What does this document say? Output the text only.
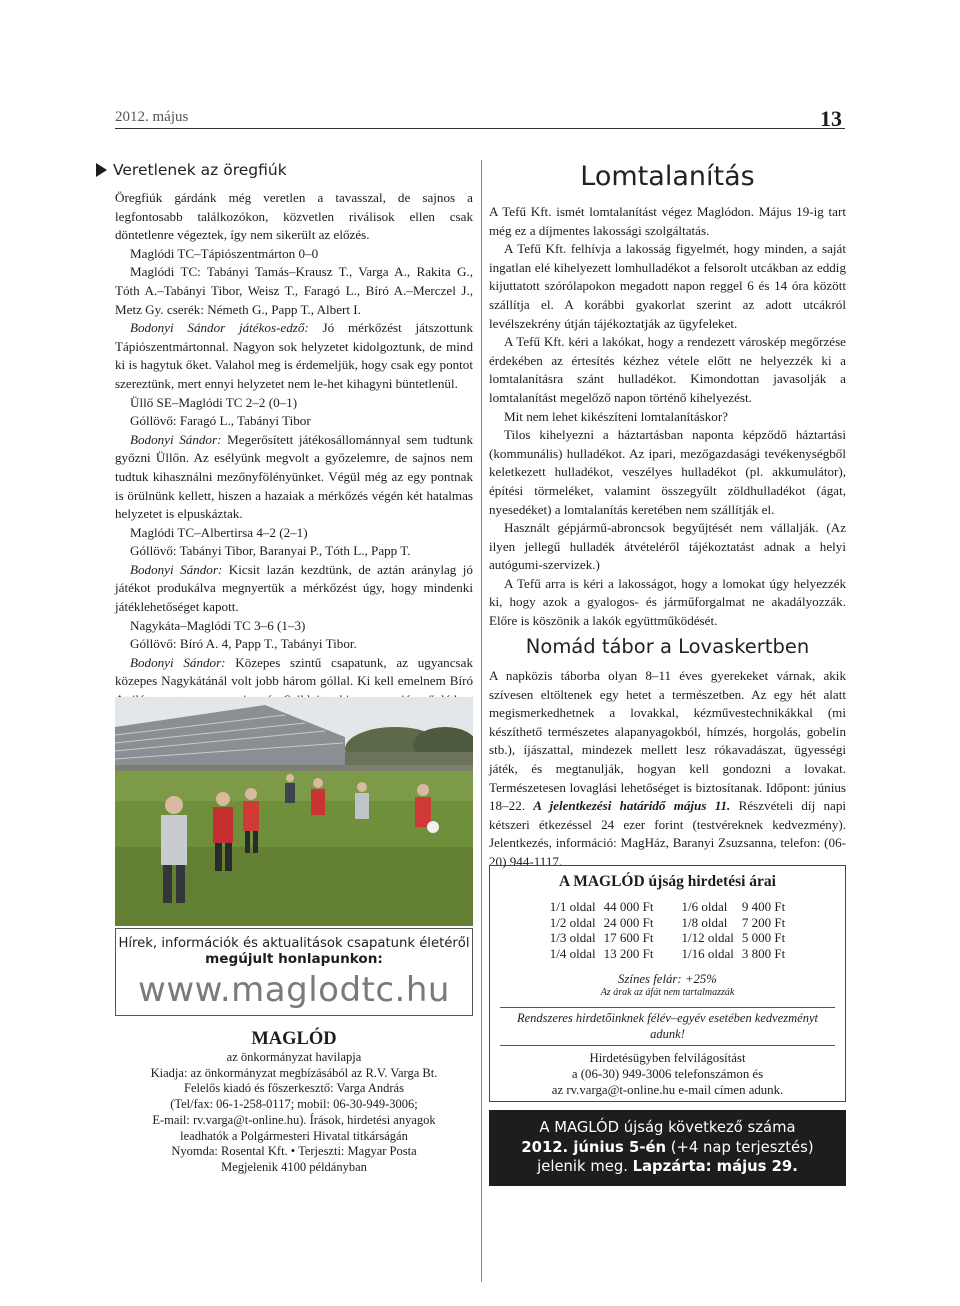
2012. május	13
Veretlenek az öregfiúk

Öregfiúk gárdánk még veretlen a tavasszal, de sajnos a legfontosabb találkozókon, közvetlen riválisok ellen csak döntetlenre végeztek, így nem sikerült az előzés.

Maglódi TC–Tápiószentmárton 0–0

Maglódi TC: Tabányi Tamás–Krausz T., Varga A., Rakita G., Tóth A.–Tabányi Tibor, Weisz T., Faragó L., Bíró A.–Merczel J., Metz Gy. cserék: Németh G., Papp T., Albert I.

Bodonyi Sándor játékos-edző: Jó mérkőzést játszottunk Tápiószentmártonnal. Nagyon sok helyzetet kidolgoztunk, de mind ki is hagytuk őket. Valahol meg is érdemeljük, hogy csak egy pontot szereztünk, mert ennyi helyzetet nem le-het kihagyni büntetlenül.

Üllő SE–Maglódi TC 2–2 (0–1)

Góllövő: Faragó L., Tabányi Tibor

Bodonyi Sándor: Megerősített játékosállománnyal sem tudtunk győzni Üllőn. Az esélyünk megvolt a győzelemre, de sajnos nem tudtuk kihasználni mezőnyfölényünket. Végül még az egy pontnak is örülnünk kellett, hiszen a hazaiak a mérkőzés végén két hatalmas helyzetet is elpuskáztak.

Maglódi TC–Albertirsa 4–2 (2–1)

Góllövő: Tabányi Tibor, Baranyai P., Tóth L., Papp T.

Bodonyi Sándor: Kicsit lazán kezdtünk, de aztán aránylag jó játékot produkálva megnyertük a mérkőzést úgy, hogy mindenki játéklehetőséget kapott.

Nagykáta–Maglódi TC 3–6 (1–3)

Góllövő: Bíró A. 4, Papp T., Tabányi Tibor.

Bodonyi Sándor: Közepes szintű csapatunk, az ugyancsak közepes Nagykátánál volt jobb három góllal. Ki kell emelnem Bíró

Hírek, információk és aktualitások csapatunk életéről
megújult honlapunkon:
www.maglodtc.hu
MAGLÓD
az önkormányzat havilapja
Kiadja: az önkormányzat megbízásából az R.V. Varga Bt.
Felelős kiadó és főszerkesztő: Varga András
(Tel/fax: 06-1-258-0117; mobil: 06-30-949-3006;
E-mail: rv.varga@t-online.hu). Írások, hirdetési anyagok
leadhatók a Polgármesteri Hivatal titkárságán
Nyomda: Rosental Kft. • Terjeszti: Magyar Posta
Megjelenik 4100 példányban
Lomtalanítás

A Tefű Kft. ismét lomtalanítást végez Maglódon. Május 19-ig tart még ez a díjmentes lakossági szolgáltatás.

A Tefű Kft. felhívja a lakosság figyelmét, hogy minden, a saját ingatlan elé kihelyezett lomhulladékot a felsorolt utcákban az eddig kijuttatott szórólapokon megadott napon reggel 6 és 14 óra között szállítja el. A korábbi gyakorlat szerint az adott utcákról levélszekrény útján tájékoztatják az ügyfeleket.

A Tefű Kft. kéri a lakókat, hogy a rendezett városkép megőrzése érdekében az értesítés kézhez vétele előtt ne helyezzék ki a lomtalanításra szánt hulladékot. Kimondottan javasolják a lomtalanítást megelőző napon történő kihelyezést.

Mit nem lehet kikészíteni lomtalanításkor?

Tilos kihelyezni a háztartásban naponta képződő háztartási (kommunális) hulladékot. Az ipari, mezőgazdasági tevékenységből keletkezett hulladékot, veszélyes hulladékot (pl. akkumulátor), építési törmeléket, valamint összegyűlt zöldhulladékot (ágat, nyesedéket) a lomtalanítás keretében nem szállítják el.

Használt gépjármű-abroncsok begyűjtését nem vállalják. (Az ilyen jellegű hulladék átvételéről tájékoztatást adnak a helyi autógumi-szervizek.)

A Tefű arra is kéri a lakosságot, hogy a lomokat úgy helyezzék ki, hogy azok a gyalogos- és járműforgalmat ne akadályozzák. Előre is köszönik a lakók együttműködését.

Nomád tábor a Lovaskertben

A napközis táborba olyan 8–11 éves gyerekeket várnak, akik szívesen eltöltenek egy hetet a természetben. Az egy hét alatt megismerkedhetnek a lovakkal, kézművestechnikákkal (mi készíthető természetes alapanyagokból, hímzés, horgolás, gobelin stb.), íjászattal, mindezek mellett lesz rókavadászat, ügyességi játék, és megtanulják, hogyan kell gondozni a lovakat. Természetesen lovaglási lehetőséget is biztosítanak. Időpont: június 18–22. A jelentkezési határidő május 11. Részvételi díj napi kétszeri étkezéssel 24 ezer forint (testvéreknek kedvezmény). Jelentkezés, információ: MagHáz, Baranyi Zsuzsanna, telefon: (06-20) 944-1117.

A MAGLÓD újság hirdetési árai
1/1 oldal	44 000 Ft		1/6 oldal	9 400 Ft
1/2 oldal	24 000 Ft		1/8 oldal	7 200 Ft
1/3 oldal	17 600 Ft		1/12 oldal	5 000 Ft
1/4 oldal	13 200 Ft		1/16 oldal	3 800 Ft
Színes felár: +25%
Az árak az áfát nem tartalmazzák
Rendszeres hirdetőinknek félév–egyév esetében kedvezményt adunk!
Hirdetésügyben felvilágosítást
a (06-30) 949-3006 telefonszámon és
az rv.varga@t-online.hu e-mail címen adunk.
A MAGLÓD újság következő száma
2012. június 5-én (+4 nap terjesztés)
jelenik meg. Lapzárta: május 29.
